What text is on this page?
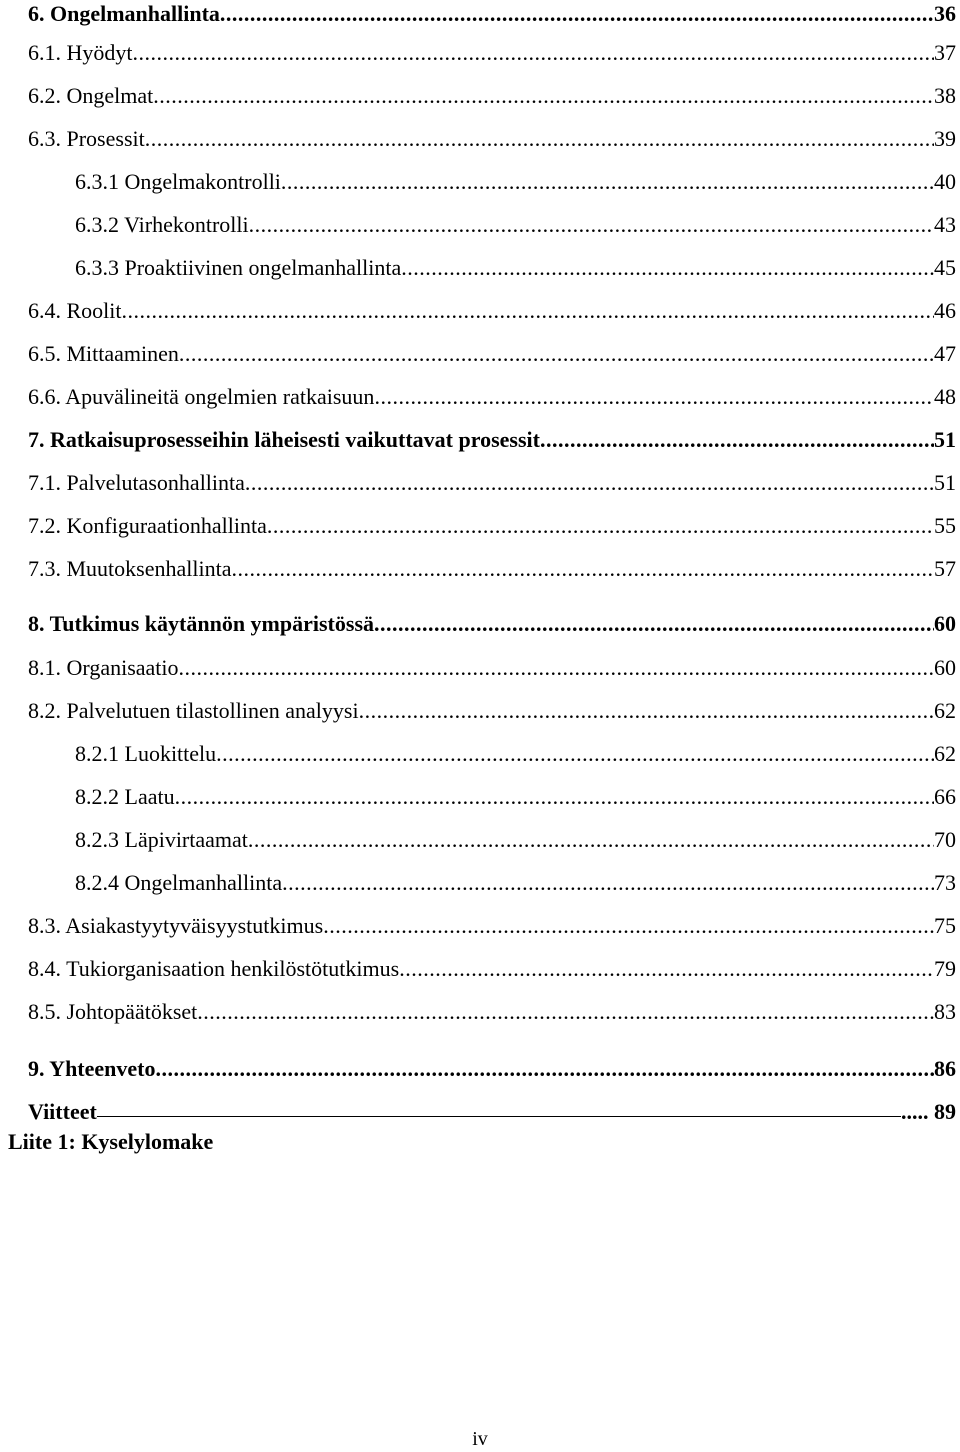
6. Ongelmanhallinta .....	36
6.1. Hyödyt .....	37
6.2. Ongelmat .....	38
6.3. Prosessit .....	39
6.3.1 Ongelmakontrolli .....	40
6.3.2 Virhekontrolli .....	43
6.3.3 Proaktiivinen ongelmanhallinta .....	45
6.4. Roolit .....	46
6.5. Mittaaminen .....	47
6.6. Apuvälineitä ongelmien ratkaisuun .....	48
7. Ratkaisuprosesseihin läheisesti vaikuttavat prosessit .....	51
7.1. Palvelutasonhallinta .....	51
7.2. Konfiguraationhallinta .....	55
7.3. Muutoksenhallinta .....	57
8. Tutkimus käytännön ympäristössä .....	60
8.1. Organisaatio .....	60
8.2. Palvelutuen tilastollinen analyysi .....	62
8.2.1 Luokittelu .....	62
8.2.2 Laatu .....	66
8.2.3 Läpivirtaamat .....	70
8.2.4 Ongelmanhallinta .....	73
8.3. Asiakastyytyväisyystutkimus .....	75
8.4. Tukiorganisaation henkilöstötutkimus .....	79
8.5. Johtopäätökset .....	83
9. Yhteenveto .....	86
Viitteet	..... 89
Liite 1: Kyselylomake
iv
